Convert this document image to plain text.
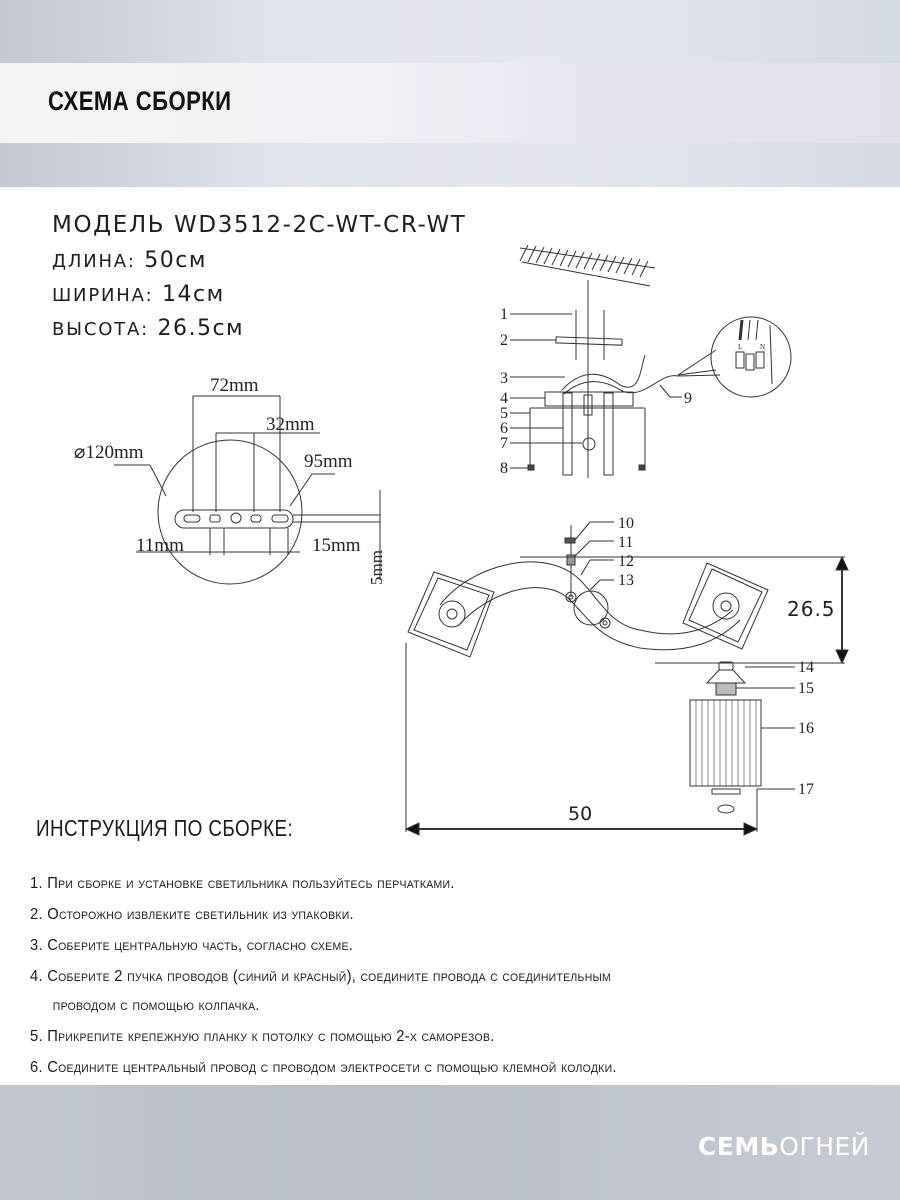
СХЕМА СБОРКИ
МОДЕЛЬ WD3512-2C-WT-CR-WT
ДЛИНА: 50см
ШИРИНА: 14см
ВЫСОТА: 26.5см
⌀120mm
72mm
32mm
95mm
11mm	15mm
5mm
1
2
3
4
5
6
7
8
9
L	N
10
11
12
13
14
15
16
17
26.5
50
ИНСТРУКЦИЯ ПО СБОРКЕ:
1. При сборке и установке светильника пользуйтесь перчатками.
2. Осторожно извлеките светильник из упаковки.
3. Соберите центральную часть, согласно схеме.
4. Соберите 2 пучка проводов (синий и красный), соедините провода с соединительным
проводом с помощью колпачка.
5. Прикрепите крепежную планку к потолку с помощью 2-х саморезов.
6. Соедините центральный провод с проводом электросети с помощью клемной колодки.
СЕМЬОГНЕЙ
